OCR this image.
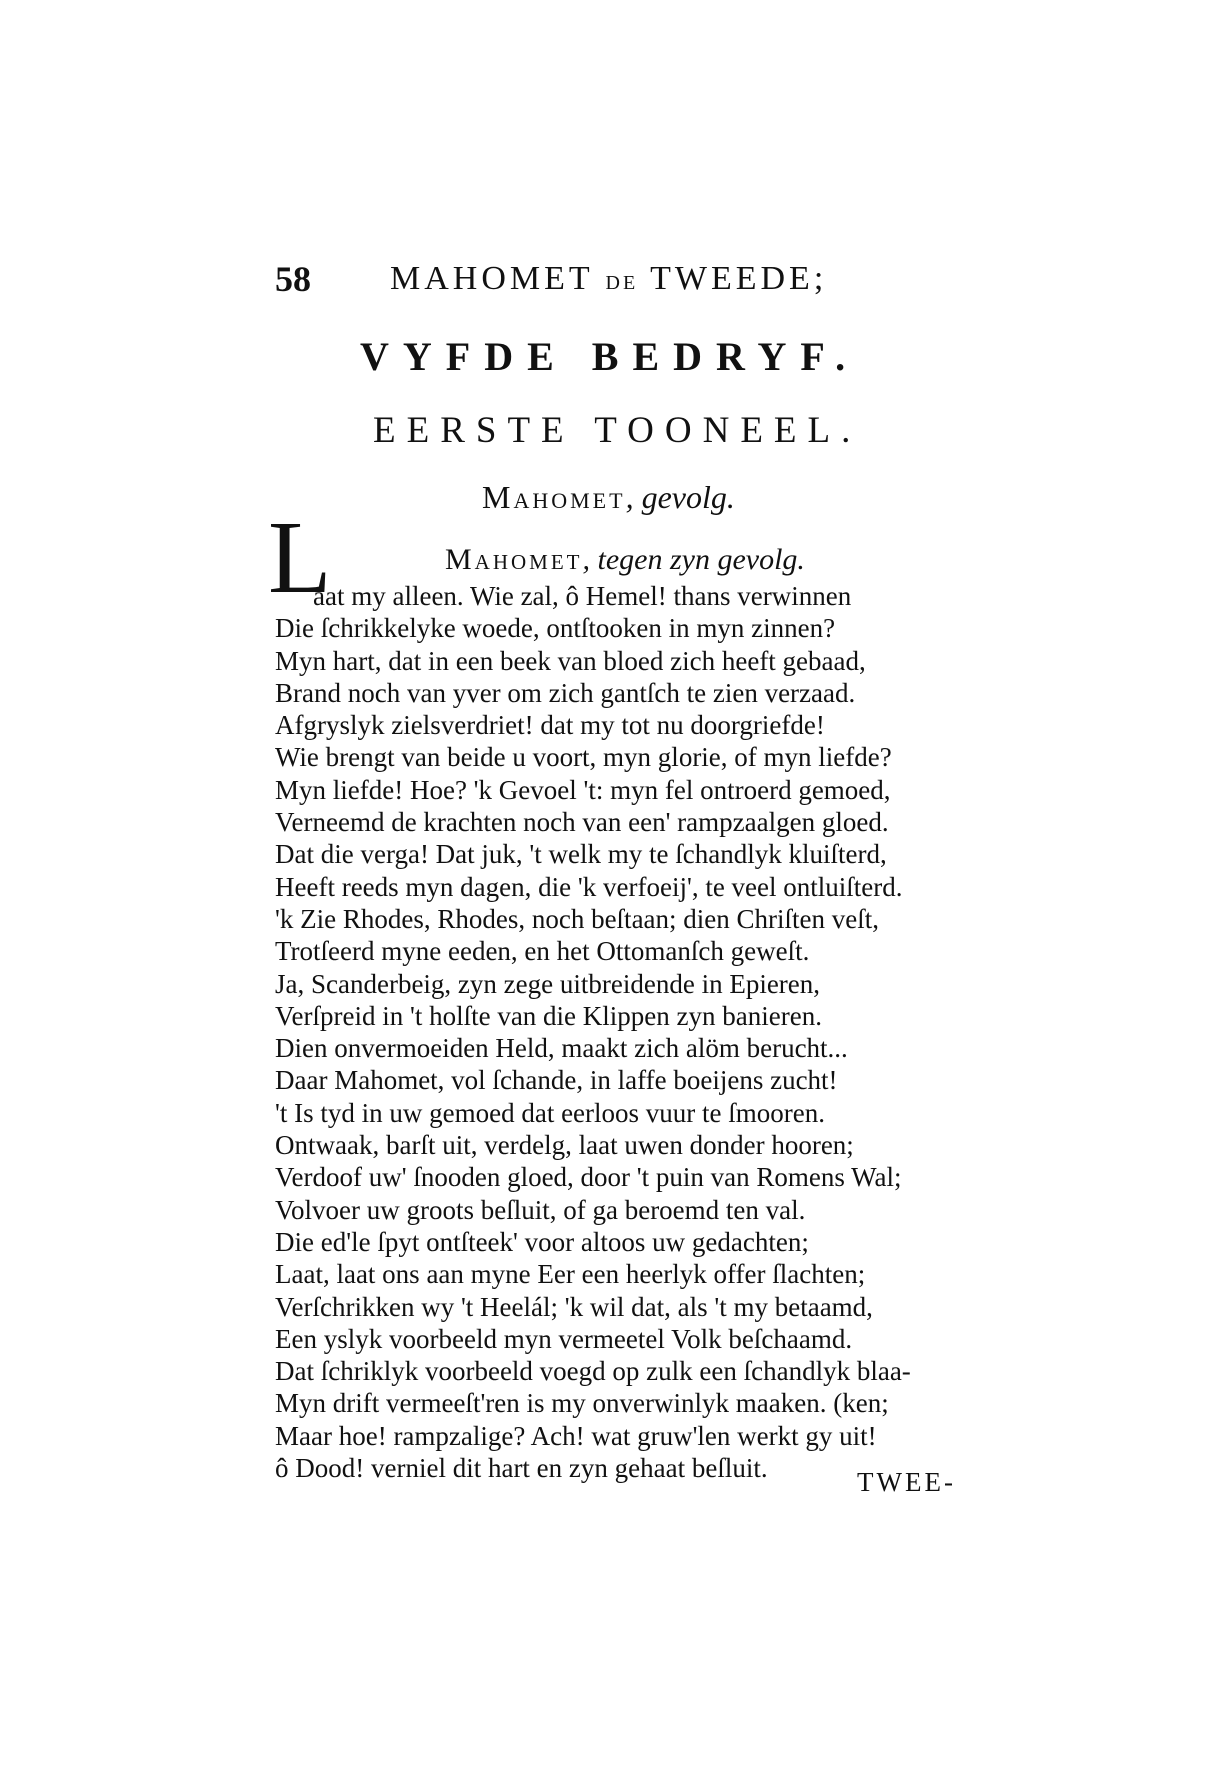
58 MAHOMET DE TWEEDE;
VYFDE BEDRYF.
EERSTE TOONEEL.
Mahomet, gevolg.
L	Mahomet, tegen zyn gevolg.
aat my alleen. Wie zal, ô Hemel! thans verwinnen
Die ſchrikkelyke woede, ontſtooken in myn zinnen?
Myn hart, dat in een beek van bloed zich heeft gebaad,
Brand noch van yver om zich gantſch te zien verzaad.
Afgryslyk zielsverdriet! dat my tot nu doorgriefde!
Wie brengt van beide u voort, myn glorie, of myn liefde?
Myn liefde! Hoe? 'k Gevoel 't: myn fel ontroerd gemoed,
Verneemd de krachten noch van een' rampzaalgen gloed.
Dat die verga! Dat juk, 't welk my te ſchandlyk kluiſterd,
Heeft reeds myn dagen, die 'k verfoeij', te veel ontluiſterd.
'k Zie Rhodes, Rhodes, noch beſtaan; dien Chriſten veſt,
Trotſeerd myne eeden, en het Ottomanſch geweſt.
Ja, Scanderbeig, zyn zege uitbreidende in Epieren,
Verſpreid in 't holſte van die Klippen zyn banieren.
Dien onvermoeiden Held, maakt zich alöm berucht...
Daar Mahomet, vol ſchande, in laffe boeijens zucht!
't Is tyd in uw gemoed dat eerloos vuur te ſmooren.
Ontwaak, barſt uit, verdelg, laat uwen donder hooren;
Verdoof uw' ſnooden gloed, door 't puin van Romens Wal;
Volvoer uw groots beſluit, of ga beroemd ten val.
Die ed'le ſpyt ontſteek' voor altoos uw gedachten;
Laat, laat ons aan myne Eer een heerlyk offer ſlachten;
Verſchrikken wy 't Heelál; 'k wil dat, als 't my betaamd,
Een yslyk voorbeeld myn vermeetel Volk beſchaamd.
Dat ſchriklyk voorbeeld voegd op zulk een ſchandlyk blaa-
Myn drift vermeeſt'ren is my onverwinlyk maaken. (ken;
Maar hoe! rampzalige? Ach! wat gruw'len werkt gy uit!
ô Dood! verniel dit hart en zyn gehaat beſluit.	TWEE-
